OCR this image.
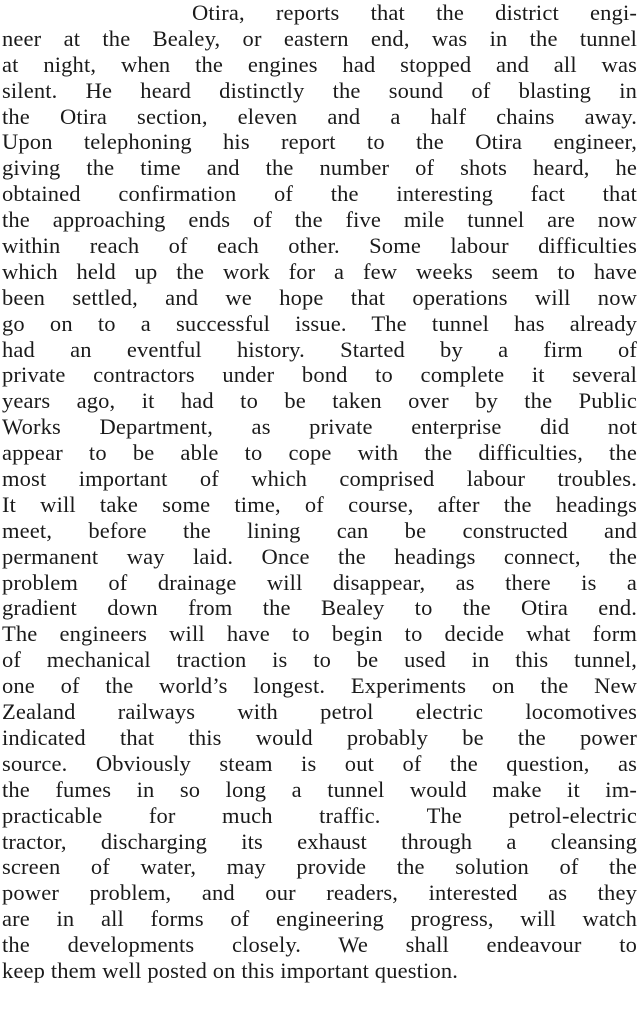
Otira, reports that the district engi-
neer at the Bealey, or eastern end, was in the tunnel
at night, when the engines had stopped and all was
silent. He heard distinctly the sound of blasting in
the Otira section, eleven and a half chains away.
Upon telephoning his report to the Otira engineer,
giving the time and the number of shots heard, he
obtained confirmation of the interesting fact that
the approaching ends of the five mile tunnel are now
within reach of each other. Some labour difficulties
which held up the work for a few weeks seem to have
been settled, and we hope that operations will now
go on to a successful issue. The tunnel has already
had an eventful history. Started by a firm of
private contractors under bond to complete it several
years ago, it had to be taken over by the Public
Works Department, as private enterprise did not
appear to be able to cope with the difficulties, the
most important of which comprised labour troubles.
It will take some time, of course, after the headings
meet, before the lining can be constructed and
permanent way laid. Once the headings connect, the
problem of drainage will disappear, as there is a
gradient down from the Bealey to the Otira end.
The engineers will have to begin to decide what form
of mechanical traction is to be used in this tunnel,
one of the world’s longest. Experiments on the New
Zealand railways with petrol electric locomotives
indicated that this would probably be the power
source. Obviously steam is out of the question, as
the fumes in so long a tunnel would make it im-
practicable for much traffic. The petrol-electric
tractor, discharging its exhaust through a cleansing
screen of water, may provide the solution of the
power problem, and our readers, interested as they
are in all forms of engineering progress, will watch
the developments closely. We shall endeavour to
keep them well posted on this important question.
